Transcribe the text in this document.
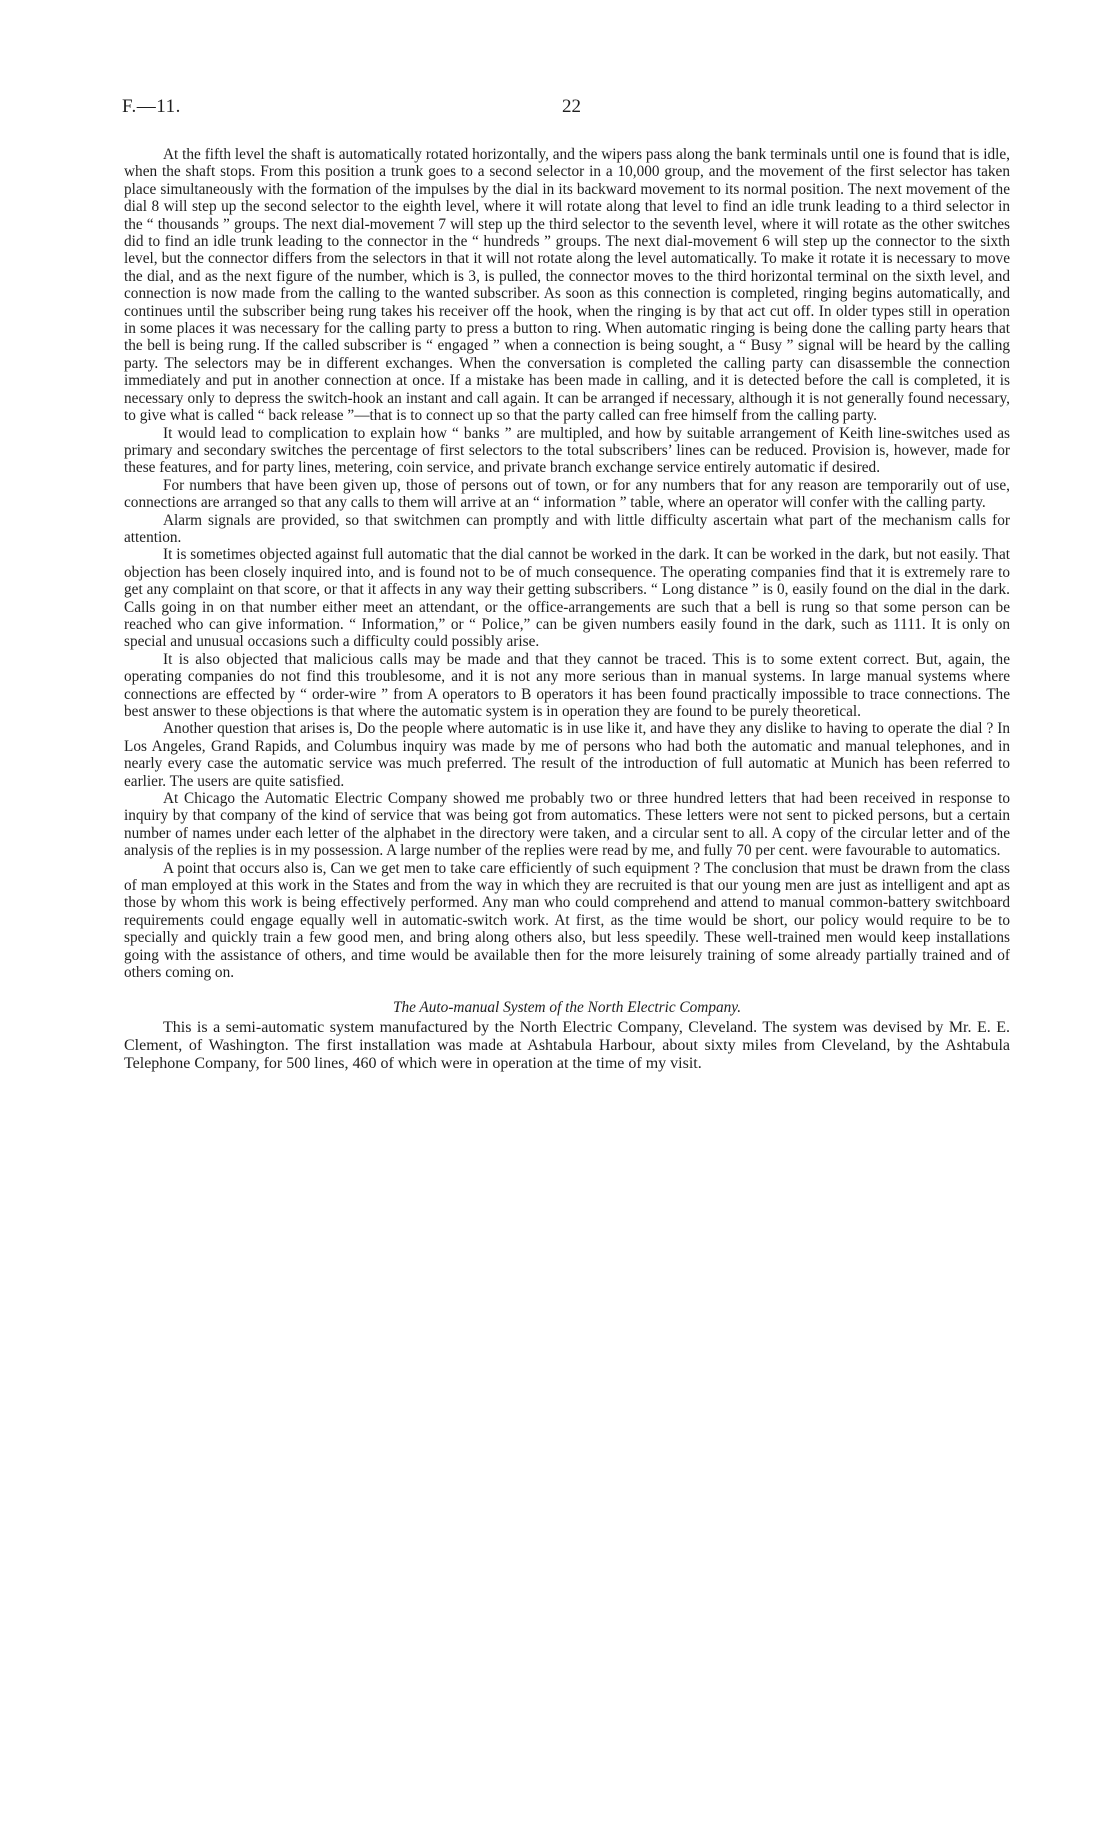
F.—11.	22

At the fifth level the shaft is automatically rotated horizontally, and the wipers pass along the bank terminals until one is found that is idle, when the shaft stops. From this position a trunk goes to a second selector in a 10,000 group, and the movement of the first selector has taken place simultaneously with the formation of the impulses by the dial in its backward movement to its normal position. The next movement of the dial 8 will step up the second selector to the eighth level, where it will rotate along that level to find an idle trunk leading to a third selector in the “ thousands ” groups. The next dial-movement 7 will step up the third selector to the seventh level, where it will rotate as the other switches did to find an idle trunk leading to the connector in the “ hundreds ” groups. The next dial-movement 6 will step up the connector to the sixth level, but the connector differs from the selectors in that it will not rotate along the level automatically. To make it rotate it is necessary to move the dial, and as the next figure of the number, which is 3, is pulled, the connector moves to the third horizontal terminal on the sixth level, and connection is now made from the calling to the wanted subscriber. As soon as this connection is completed, ringing begins automatically, and continues until the subscriber being rung takes his receiver off the hook, when the ringing is by that act cut off. In older types still in operation in some places it was necessary for the calling party to press a button to ring. When automatic ringing is being done the calling party hears that the bell is being rung. If the called subscriber is “ engaged ” when a connection is being sought, a “ Busy ” signal will be heard by the calling party. The selectors may be in different exchanges. When the conversation is completed the calling party can disassemble the connection immediately and put in another connection at once. If a mistake has been made in calling, and it is detected before the call is completed, it is necessary only to depress the switch-hook an instant and call again. It can be arranged if necessary, although it is not generally found necessary, to give what is called “ back release ”—that is to connect up so that the party called can free himself from the calling party.

It would lead to complication to explain how “ banks ” are multipled, and how by suitable arrangement of Keith line-switches used as primary and secondary switches the percentage of first selectors to the total subscribers’ lines can be reduced. Provision is, however, made for these features, and for party lines, metering, coin service, and private branch exchange service entirely automatic if desired.

For numbers that have been given up, those of persons out of town, or for any numbers that for any reason are temporarily out of use, connections are arranged so that any calls to them will arrive at an “ information ” table, where an operator will confer with the calling party.

Alarm signals are provided, so that switchmen can promptly and with little difficulty ascertain what part of the mechanism calls for attention.

It is sometimes objected against full automatic that the dial cannot be worked in the dark. It can be worked in the dark, but not easily. That objection has been closely inquired into, and is found not to be of much consequence. The operating companies find that it is extremely rare to get any complaint on that score, or that it affects in any way their getting subscribers. “ Long distance ” is 0, easily found on the dial in the dark. Calls going in on that number either meet an attendant, or the office-arrangements are such that a bell is rung so that some person can be reached who can give information. “ Information,” or “ Police,” can be given numbers easily found in the dark, such as 1111. It is only on special and unusual occasions such a difficulty could possibly arise.

It is also objected that malicious calls may be made and that they cannot be traced. This is to some extent correct. But, again, the operating companies do not find this troublesome, and it is not any more serious than in manual systems. In large manual systems where connections are effected by “ order-wire ” from A operators to B operators it has been found practically impossible to trace connections. The best answer to these objections is that where the automatic system is in operation they are found to be purely theoretical.

Another question that arises is, Do the people where automatic is in use like it, and have they any dislike to having to operate the dial ? In Los Angeles, Grand Rapids, and Columbus inquiry was made by me of persons who had both the automatic and manual telephones, and in nearly every case the automatic service was much preferred. The result of the introduction of full automatic at Munich has been referred to earlier. The users are quite satisfied.

At Chicago the Automatic Electric Company showed me probably two or three hundred letters that had been received in response to inquiry by that company of the kind of service that was being got from automatics. These letters were not sent to picked persons, but a certain number of names under each letter of the alphabet in the directory were taken, and a circular sent to all. A copy of the circular letter and of the analysis of the replies is in my possession. A large number of the replies were read by me, and fully 70 per cent. were favourable to automatics.

A point that occurs also is, Can we get men to take care efficiently of such equipment ? The conclusion that must be drawn from the class of man employed at this work in the States and from the way in which they are recruited is that our young men are just as intelligent and apt as those by whom this work is being effectively performed. Any man who could comprehend and attend to manual common-battery switchboard requirements could engage equally well in automatic-switch work. At first, as the time would be short, our policy would require to be to specially and quickly train a few good men, and bring along others also, but less speedily. These well-trained men would keep installations going with the assistance of others, and time would be available then for the more leisurely training of some already partially trained and of others coming on.

The Auto-manual System of the North Electric Company.

This is a semi-automatic system manufactured by the North Electric Company, Cleveland. The system was devised by Mr. E. E. Clement, of Washington. The first installation was made at Ashtabula Harbour, about sixty miles from Cleveland, by the Ashtabula Telephone Company, for 500 lines, 460 of which were in operation at the time of my visit.
